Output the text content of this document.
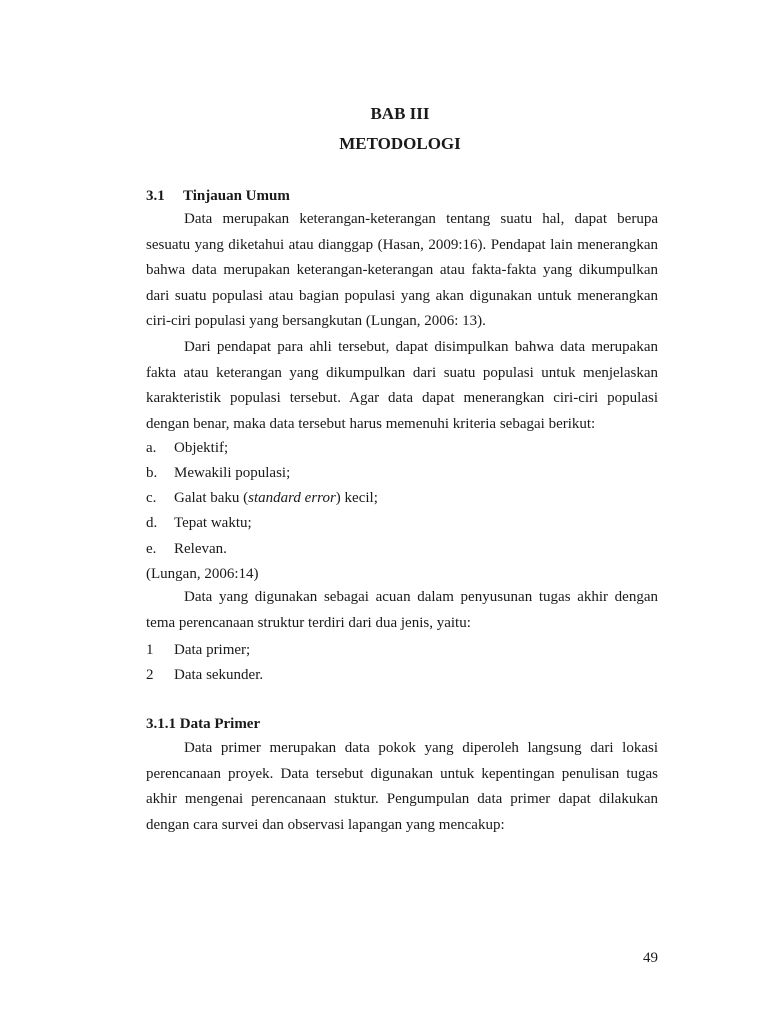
BAB III
METODOLOGI
3.1 Tinjauan Umum
Data merupakan keterangan-keterangan tentang suatu hal, dapat berupa sesuatu yang diketahui atau dianggap (Hasan, 2009:16). Pendapat lain menerangkan bahwa data merupakan keterangan-keterangan atau fakta-fakta yang dikumpulkan dari suatu populasi atau bagian populasi yang akan digunakan untuk menerangkan ciri-ciri populasi yang bersangkutan (Lungan, 2006: 13).
Dari pendapat para ahli tersebut, dapat disimpulkan bahwa data merupakan fakta atau keterangan yang dikumpulkan dari suatu populasi untuk menjelaskan karakteristik populasi tersebut. Agar data dapat menerangkan ciri-ciri populasi dengan benar, maka data tersebut harus memenuhi kriteria sebagai berikut:
a. Objektif;
b. Mewakili populasi;
c. Galat baku (standard error) kecil;
d. Tepat waktu;
e. Relevan.
(Lungan, 2006:14)
Data yang digunakan sebagai acuan dalam penyusunan tugas akhir dengan tema perencanaan struktur terdiri dari dua jenis, yaitu:
1 Data primer;
2 Data sekunder.
3.1.1 Data Primer
Data primer merupakan data pokok yang diperoleh langsung dari lokasi perencanaan proyek. Data tersebut digunakan untuk kepentingan penulisan tugas akhir mengenai perencanaan stuktur. Pengumpulan data primer dapat dilakukan dengan cara survei dan observasi lapangan yang mencakup:
49
